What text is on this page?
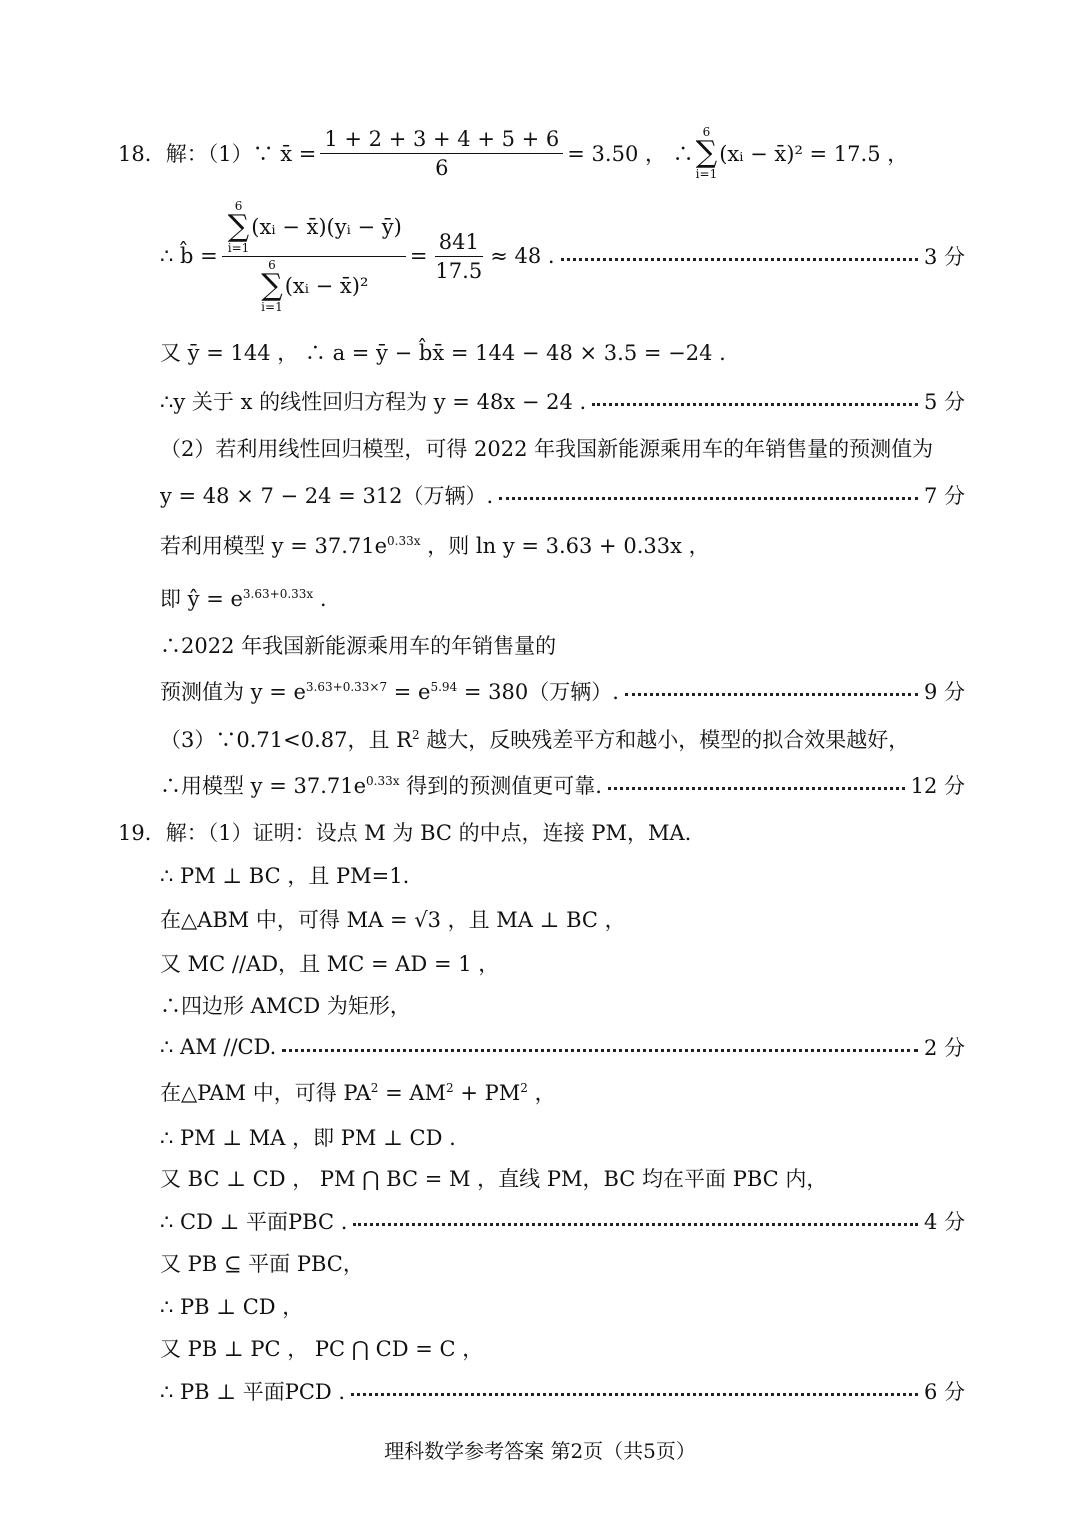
18．解：（1）∵ x̄ = $\frac{1 + 2 + 3 + 4 + 5 + 6}{6} = 3.50$ ， ∴
6
∑
i=1
(xᵢ − x̄)² = 17.5 ，
∴ b̂ =
6
∑
i=1
(xᵢ − x̄)(yᵢ − ȳ)
6
∑
i=1
(xᵢ − x̄)²
= $\frac{841}{17.5} \approx 48$ .	3 分
又 ȳ = 144 ， ∴ a = ȳ − b̂x̄ = 144 − 48 × 3.5 = −24 .
∴y 关于 x 的线性回归方程为 y = 48x − 24 .	5 分
（2）若利用线性回归模型，可得 2022 年我国新能源乘用车的年销售量的预测值为
y = 48 × 7 − 24 = 312（万辆）.	7 分
若利用模型 $y = 37.71e^{0.33x}$ ，则 ln y = 3.63 + 0.33x ，
即 ŷ = $e^{3.63+0.33x}$ .
∴2022 年我国新能源乘用车的年销售量的
预测值为 $y = e^{3.63+0.33\times 7} = e^{5.94} = 380$（万辆）.	9 分
（3）∵0.71<0.87，且 $R^2$ 越大，反映残差平方和越小，模型的拟合效果越好，
∴用模型 $y = 37.71e^{0.33x}$ 得到的预测值更可靠.	12 分
19．解：（1）证明：设点 M 为 BC 的中点，连接 PM，MA.
∴ PM ⊥ BC ，且 PM=1.
在△ABM 中，可得 MA = √3 ，且 MA ⊥ BC ，
又 MC //AD，且 MC = AD = 1 ，
∴四边形 AMCD 为矩形，
∴ AM //CD.	2 分
在△PAM 中，可得 $PA^2 = AM^2 + PM^2$ ，
∴ PM ⊥ MA ，即 PM ⊥ CD .
又 BC ⊥ CD ， PM ⋂ BC = M ，直线 PM，BC 均在平面 PBC 内，
∴ CD ⊥ 平面PBC .	4 分
又 PB ⊆ 平面 PBC，
∴ PB ⊥ CD ，
又 PB ⊥ PC ， PC ⋂ CD = C ，
∴ PB ⊥ 平面PCD .	6 分
理科数学参考答案 第2页（共5页）
